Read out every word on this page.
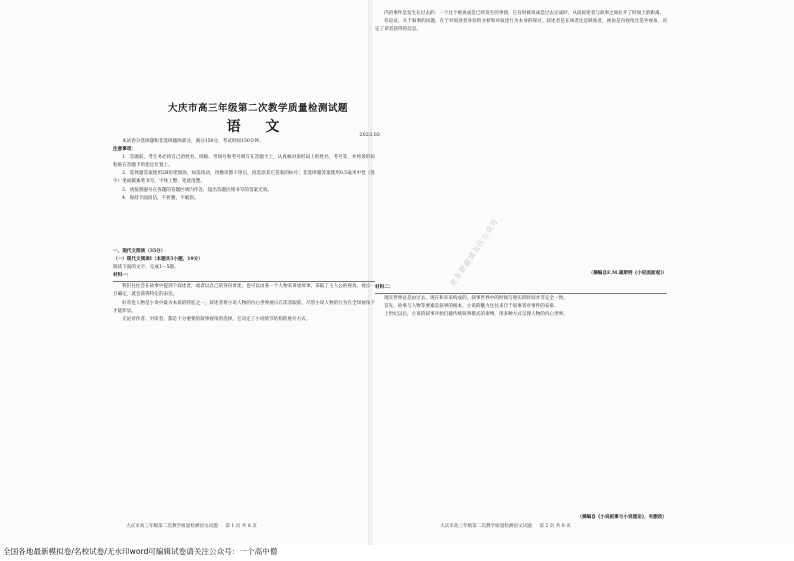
大庆市高三年级第二次教学质量检测试题
语 文	2023.02

本试卷分选择题和非选择题两部分，满分150分，考试时间150分钟。

注意事项：

1．答题前，考生务必将自己的姓名、班级、考场号和考号填写在答题卡上，认真核对条形码上的姓名、考号等，并将条形码粘贴在答题卡的指定位置上。

2．选择题答案使用2B铅笔填涂，如需改动，用橡皮擦干净后，再选涂其它答案的标号；非选择题答案使用0.5毫米中性（签字）笔或碳素笔书写，字体工整，笔迹清楚。

3．请按照题号在各题的答题区域内作答，超出答题区域书写的答案无效。

4．保持卡面清洁，不折叠，不破损。

一、现代文阅读（35分）

（一）现代文阅读Ⅰ（本题共5小题，19分）

阅读下面的文字，完成1～5题。

材料一：

我们往往会在故事中提到个叙述者，或者以自己的身份讲述，也可以由某一个人物来讲述故事。采取了主人公的视角，视点一旦确定，就会获得特定的表达。

好奇也人物是小说中最为本质的特征之一，叙述者将小说人物的内心世界展示在读者眼前，尽管小说人物的行为在全知视角下才能彰显。

无论对作者、对读者，都是十分重要的叙事视角的选择，它决定了小说情节结构的展开方式。

大庆市高三年级第二次教学质量检测语文试题 第 1 页 共 8 页

内的事件是发生在过去的：一个这个被说成是已经发生的事情，它有时被说成是过去完成时，从而叙述者与故事之间拉开了时间上的距离。

有论证，关于叙事的问题，在于对叙述者身份的分析和对叙述行为本身的探讨。叙述者是在场者还是缺席者，视角是内视角还是外视角，决定了读者获得的信息。

（摘编自E.M.福斯特《小说面面观》）

材料二：

现实世界总是由过去、现在和未来构成的。叙事世界中的时间与现实的时间并非完全一致。

首先，故事与人物等要素是叙事的根本，小说的魅力往往来自于叙事者对事件的安排。

上世纪以后，小说的叙事开始打破传统叙事模式的束缚，用多种方式呈现人物的内心世界。

（摘编自《小说叙事与小说理论》，有删改）
大庆市高三年级第二次教学质量检测语文试题 第 2 页 共 8 页
更多资源请关注公众号
全国各地最新模拟卷/名校试卷/无水印word可编辑试卷请关注公众号：一个高中僧
